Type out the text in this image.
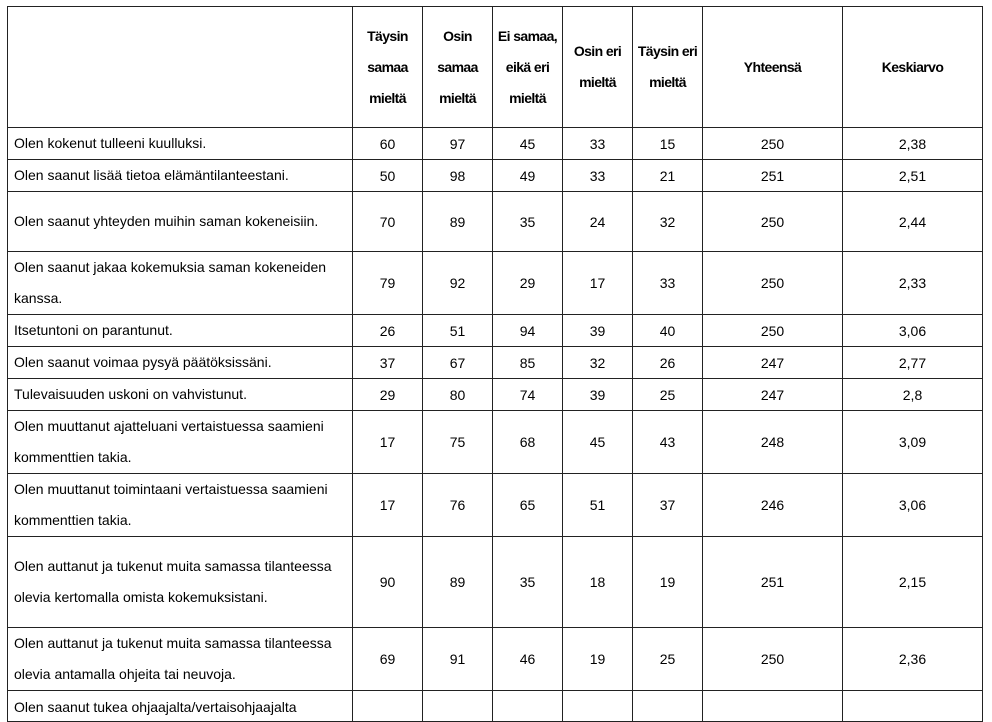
	Täysin samaa mieltä	Osin samaa mieltä	Ei samaa, eikä eri mieltä	Osin eri mieltä	Täysin eri mieltä	Yhteensä	Keskiarvo
Olen kokenut tulleeni kuulluksi.	60	97	45	33	15	250	2,38
Olen saanut lisää tietoa elämäntilanteestani.	50	98	49	33	21	251	2,51
Olen saanut yhteyden muihin saman kokeneisiin.	70	89	35	24	32	250	2,44
Olen saanut jakaa kokemuksia saman kokeneiden   kanssa.	79	92	29	17	33	250	2,33
Itsetuntoni on parantunut.	26	51	94	39	40	250	3,06
Olen saanut voimaa pysyä päätöksissäni.	37	67	85	32	26	247	2,77
Tulevaisuuden uskoni on vahvistunut.	29	80	74	39	25	247	2,8
Olen muuttanut ajatteluani vertaistuessa saamieni kommenttien takia.	17	75	68	45	43	248	3,09
Olen muuttanut toimintaani vertaistuessa saamieni kommenttien takia.	17	76	65	51	37	246	3,06
Olen auttanut ja tukenut muita samassa tilanteessa olevia kertomalla omista kokemuksistani.	90	89	35	18	19	251	2,15
Olen auttanut ja tukenut muita samassa tilanteessa olevia antamalla ohjeita tai neuvoja.	69	91	46	19	25	250	2,36

Olen saanut tukea ohjaajalta/vertaisohjaajalta							
